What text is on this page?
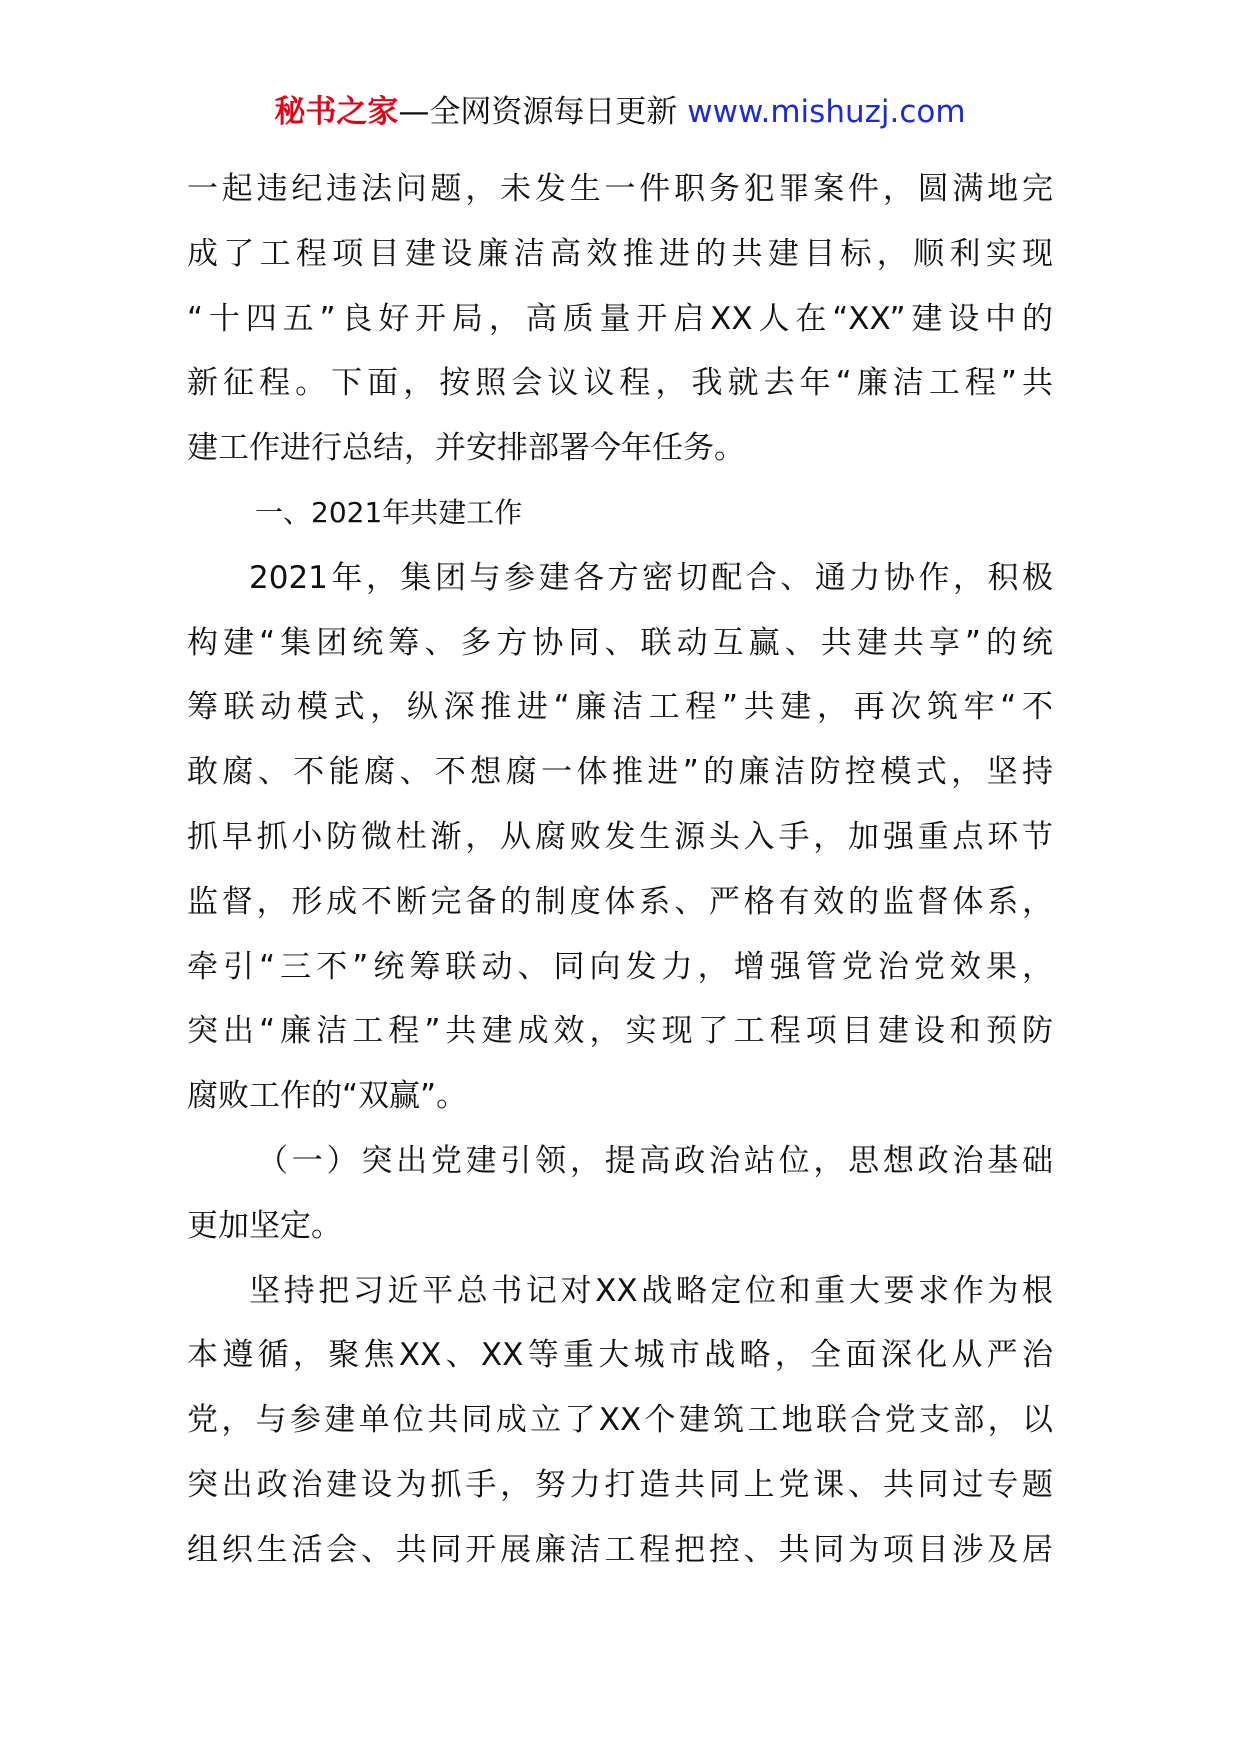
秘书之家—全网资源每日更新 www.mishuzj.com
一起违纪违法问题，未发生一件职务犯罪案件，圆满地完
成了工程项目建设廉洁高效推进的共建目标，顺利实现
“十四五”良好开局，高质量开启XX人在“XX”建设中的
新征程。下面，按照会议议程，我就去年“廉洁工程”共
建工作进行总结，并安排部署今年任务。
一、2021年共建工作
2021年，集团与参建各方密切配合、通力协作，积极
构建“集团统筹、多方协同、联动互赢、共建共享”的统
筹联动模式，纵深推进“廉洁工程”共建，再次筑牢“不
敢腐、不能腐、不想腐一体推进”的廉洁防控模式，坚持
抓早抓小防微杜渐，从腐败发生源头入手，加强重点环节
监督，形成不断完备的制度体系、严格有效的监督体系，
牵引“三不”统筹联动、同向发力，增强管党治党效果，
突出“廉洁工程”共建成效，实现了工程项目建设和预防
腐败工作的“双赢”。
（一）突出党建引领，提高政治站位，思想政治基础
更加坚定。
坚持把习近平总书记对XX战略定位和重大要求作为根
本遵循，聚焦XX、XX等重大城市战略，全面深化从严治
党，与参建单位共同成立了XX个建筑工地联合党支部，以
突出政治建设为抓手，努力打造共同上党课、共同过专题
组织生活会、共同开展廉洁工程把控、共同为项目涉及居
